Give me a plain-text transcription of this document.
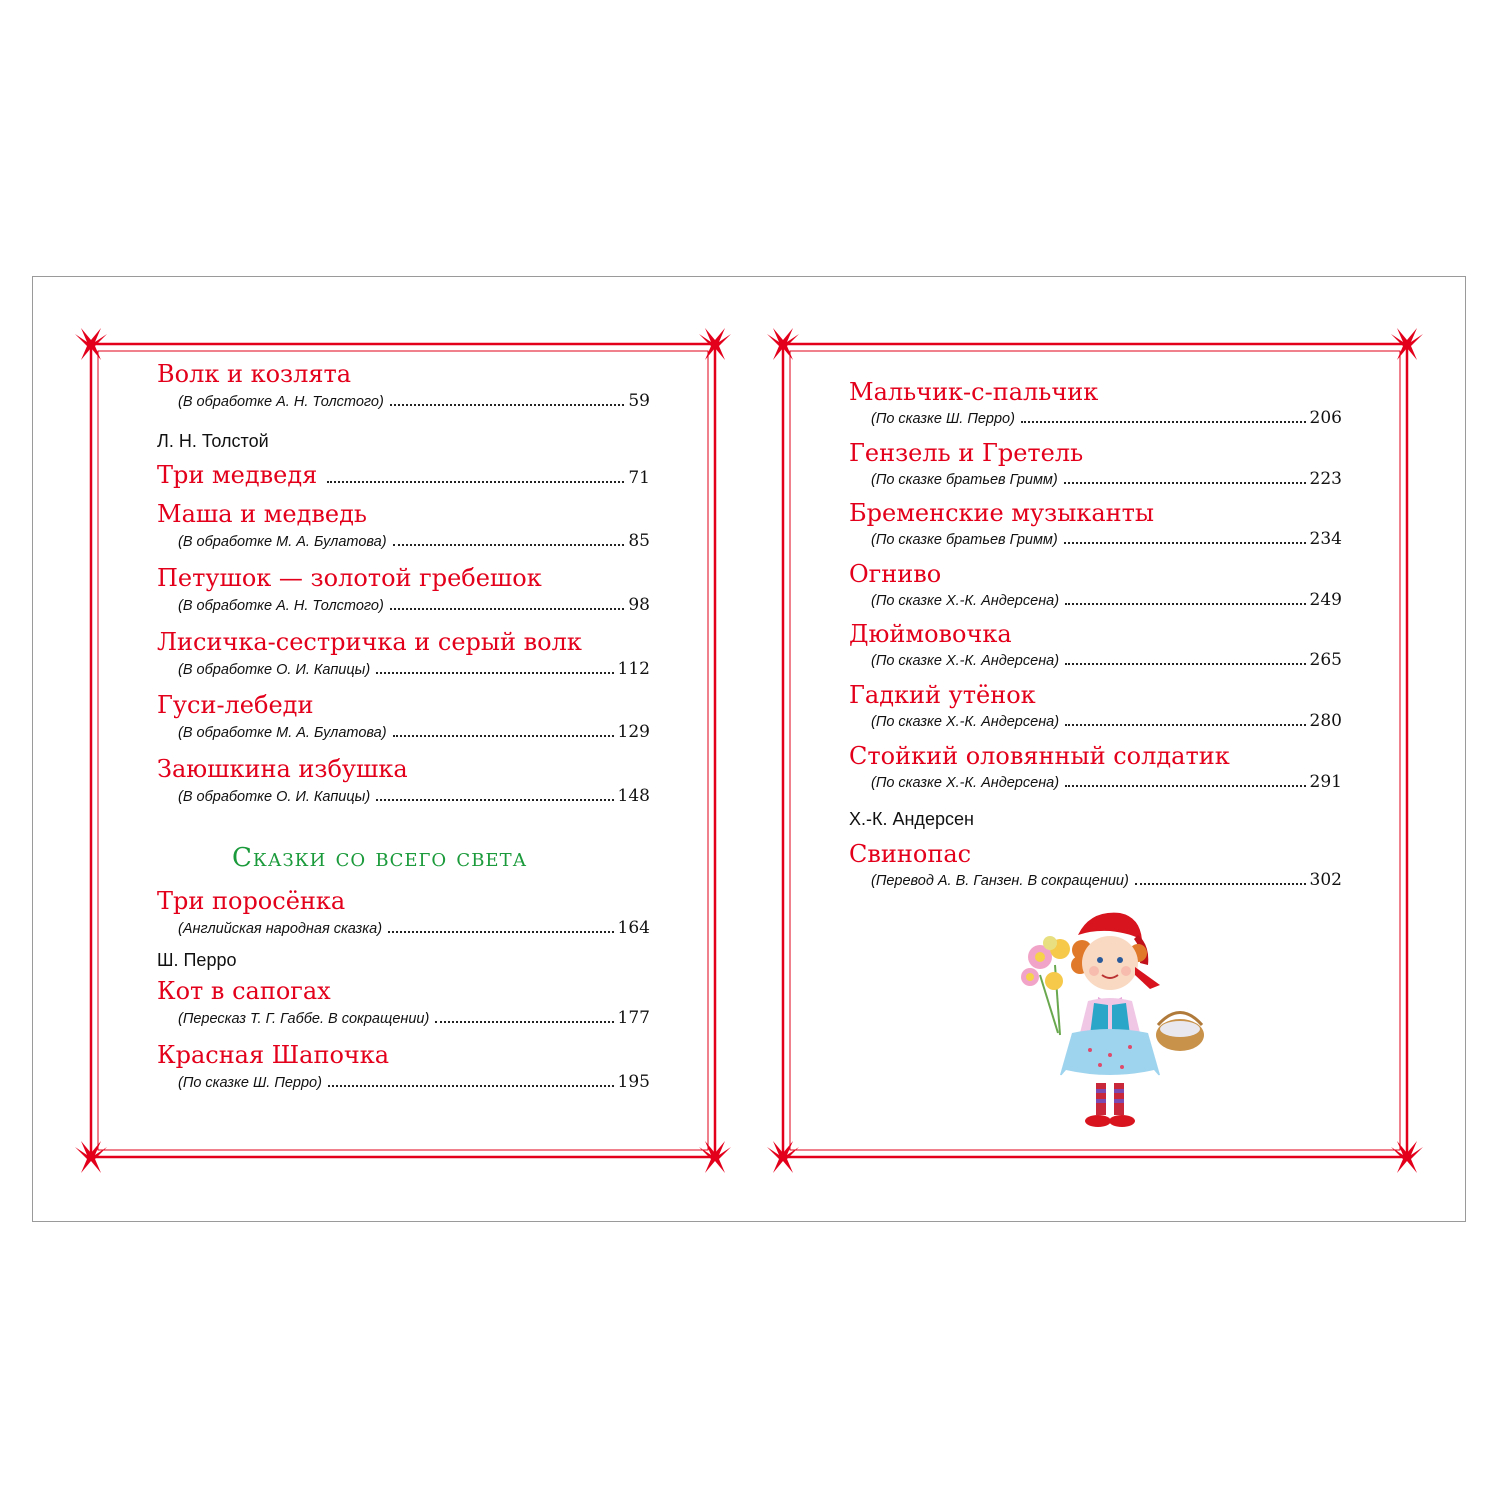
Волк и козлята
(В обработке А. Н. Толстого)	59
Л. Н. Толстой
Три медведя	71
Маша и медведь
(В обработке М. А. Булатова)	85
Петушок — золотой гребешок
(В обработке А. Н. Толстого)	98
Лисичка-сестричка и серый волк
(В обработке О. И. Капицы)	112
Гуси-лебеди
(В обработке М. А. Булатова)	129
Заюшкина избушка
(В обработке О. И. Капицы)	148
Сказки со всего света
Три поросёнка
(Английская народная сказка)	164
Ш. Перро
Кот в сапогах
(Пересказ Т. Г. Габбе. В сокращении)	177
Красная Шапочка
(По сказке Ш. Перро)	195
Мальчик-с-пальчик
(По сказке Ш. Перро)	206
Гензель и Гретель
(По сказке братьев Гримм)	223
Бременские музыканты
(По сказке братьев Гримм)	234
Огниво
(По сказке Х.-К. Андерсена)	249
Дюймовочка
(По сказке Х.-К. Андерсена)	265
Гадкий утёнок
(По сказке Х.-К. Андерсена)	280
Стойкий оловянный солдатик
(По сказке Х.-К. Андерсена)	291
Х.-К. Андерсен
Свинопас
(Перевод А. В. Ганзен. В сокращении)	302
